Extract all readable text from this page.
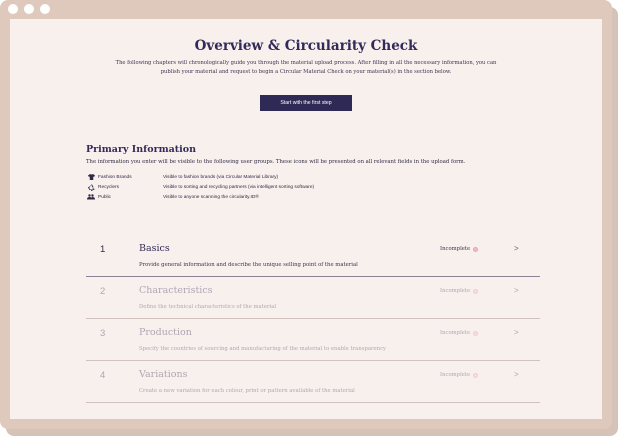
Overview & Circularity Check

The following chapters will chronologically guide you through the material upload process. After filling in all the necessary information, you can publish your material and request to begin a Circular Material Check on your material(s) in the section below.

Start with the first step
Primary Information

The information you enter will be visible to the following user groups. These icons will be presented on all relevant fields in the upload form.

Fashion Brands	Visible to fashion brands (via Circular Material Library)
Recyclers	Visible to sorting and recycling partners (via intelligent sorting software)
Public	Visible to anyone scanning the circularity.ID®
1	Basics
Provide general information and describe the unique selling point of the material
Incomplete	>
2	Characteristics
Define the technical characteristics of the material
Incomplete	>
3	Production
Specify the countries of sourcing and manufacturing of the material to enable transparency
Incomplete	>
4	Variations
Create a new variation for each colour, print or pattern available of the material
Incomplete	>
